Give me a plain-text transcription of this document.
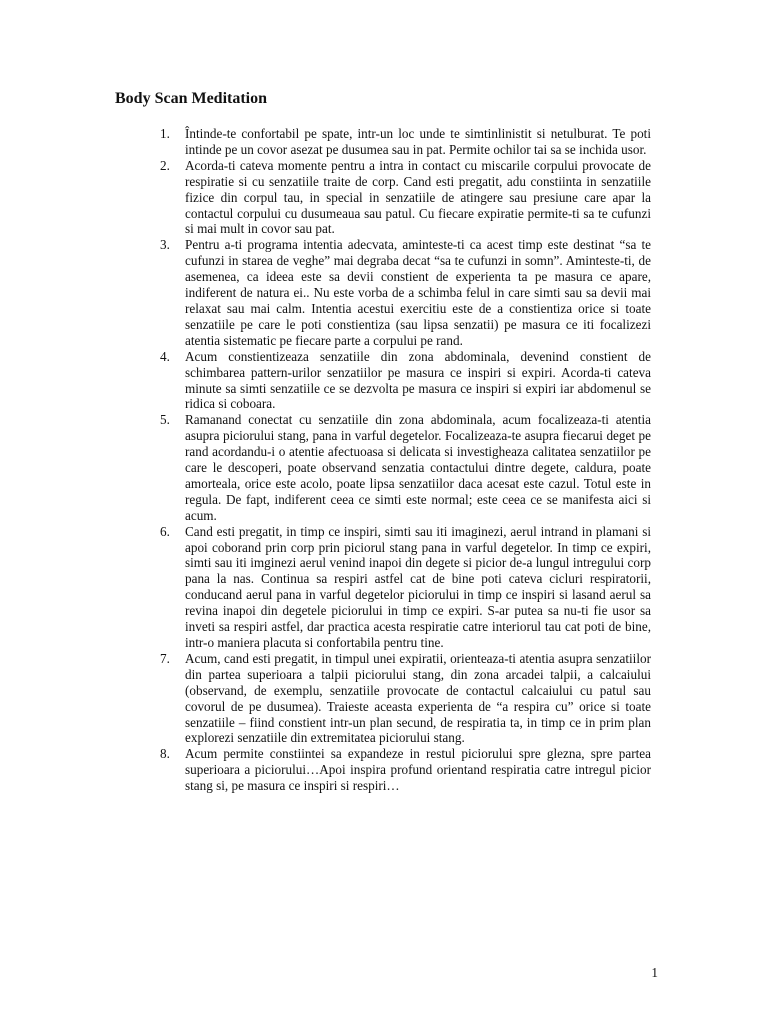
Body Scan Meditation
1.	Întinde-te confortabil pe spate, intr-un loc unde te simtinlinistit si netulburat. Te poti intinde pe un covor asezat pe dusumea sau in pat. Permite ochilor tai sa se inchida usor.
2.	Acorda-ti cateva momente pentru a intra in contact cu miscarile corpului provocate de respiratie si cu senzatiile traite de corp. Cand esti pregatit, adu constiinta in senzatiile fizice din corpul tau, in special in senzatiile de atingere sau presiune care apar la contactul corpului cu dusumeaua sau patul. Cu fiecare expiratie permite-ti sa te cufunzi si mai mult in covor sau pat.
3.	Pentru a-ti programa intentia adecvata, aminteste-ti ca acest timp este destinat “sa te cufunzi in starea de veghe” mai degraba decat “sa te cufunzi in somn”. Aminteste-ti, de asemenea, ca ideea este sa devii constient de experienta ta pe masura ce apare, indiferent de natura ei.. Nu este vorba de a schimba felul in care simti sau sa devii mai relaxat sau mai calm. Intentia acestui exercitiu este de a constientiza orice si toate senzatiile pe care le poti constientiza (sau lipsa senzatii) pe masura ce iti focalizezi atentia sistematic pe fiecare parte a corpului pe rand.
4.	Acum constientizeaza senzatiile din zona abdominala, devenind constient de schimbarea pattern-urilor senzatiilor pe masura ce inspiri si expiri. Acorda-ti cateva minute sa simti senzatiile ce se dezvolta pe masura ce inspiri si expiri iar abdomenul se ridica si coboara.
5.	Ramanand conectat cu senzatiile din zona abdominala, acum focalizeaza-ti atentia asupra piciorului stang, pana in varful degetelor. Focalizeaza-te asupra fiecarui deget pe rand acordandu-i o atentie afectuoasa si delicata si investigheaza calitatea senzatiilor pe care le descoperi, poate observand senzatia contactului dintre degete, caldura, poate amorteala, orice este acolo, poate lipsa senzatiilor daca acesat este cazul. Totul este in regula. De fapt, indiferent ceea ce simti este normal; este ceea ce se manifesta aici si acum.
6.	Cand esti pregatit, in timp ce inspiri, simti sau iti imaginezi, aerul intrand in plamani si apoi coborand prin corp prin piciorul stang pana in varful degetelor. In timp ce expiri, simti sau iti imginezi aerul venind inapoi din degete si picior de-a lungul intregului corp pana la nas. Continua sa respiri astfel cat de bine poti cateva cicluri respiratorii, conducand aerul pana in varful degetelor piciorului in timp ce inspiri si lasand aerul sa revina inapoi din degetele piciorului in timp ce expiri. S-ar putea sa nu-ti fie usor sa inveti sa respiri astfel, dar practica acesta respiratie catre interiorul tau cat poti de bine, intr-o maniera placuta si confortabila pentru tine.
7.	Acum, cand esti pregatit, in timpul unei expiratii, orienteaza-ti atentia asupra senzatiilor din partea superioara a talpii piciorului stang, din zona arcadei talpii, a calcaiului (observand, de exemplu, senzatiile provocate de contactul calcaiului cu patul sau covorul de pe dusumea). Traieste aceasta experienta de “a respira cu” orice si toate senzatiile – fiind constient intr-un plan secund, de respiratia ta, in timp ce in prim plan explorezi senzatiile din extremitatea piciorului stang.
8.	Acum permite constiintei sa expandeze in restul piciorului spre glezna, spre partea superioara a piciorului…Apoi inspira profund orientand respiratia catre intregul picior stang si, pe masura ce inspiri si respiri…
1
